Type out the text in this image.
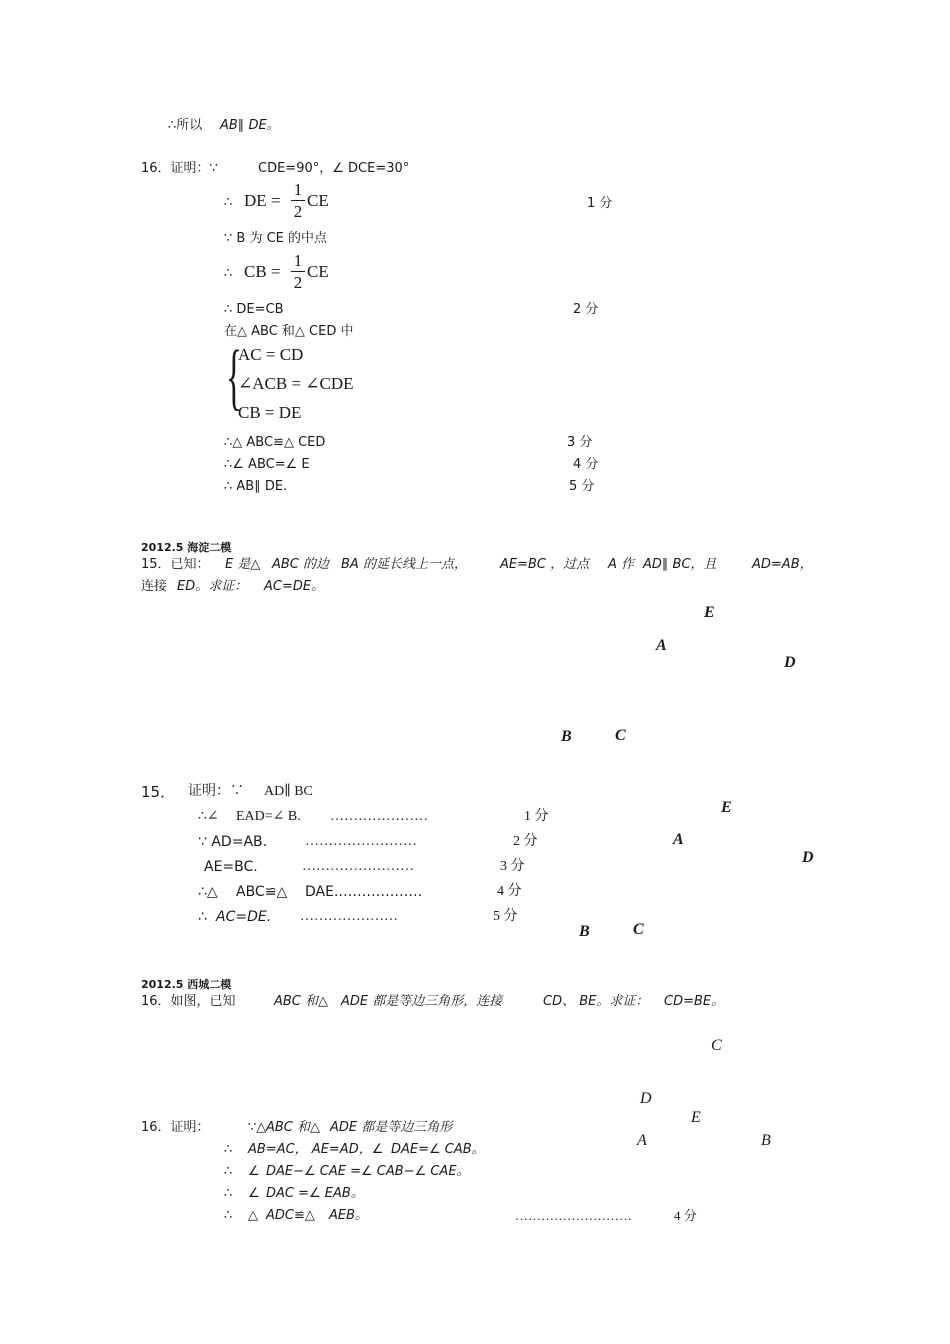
∴所以 AB∥ DE。
16．证明：∵	CDE=90°，∠ DCE=30°
∴ DE =
1
2
CE	1 分
∵ B 为 CE 的中点
∴ CB =
1
2
CE
∴ DE=CB	2 分
在△ ABC 和△ CED 中
{
AC = CD
∠ACB = ∠CDE
CB = DE
∴△ ABC≌△ CED	3 分
∴∠ ABC=∠ E	4 分
∴ AB∥ DE.	5 分
2012.5 海淀二模
15．已知： E 是△ ABC 的边 BA 的延长线上一点，	AE=BC ，过点 A 作 AD∥ BC，且	AD=AB，
连接 ED。求证： AC=DE。
E
A
D
B	C
15． 证明：∵ AD∥ BC
∴∠ EAD=∠ B. …………………	1 分
∵ AD=AB.	……………………	2 分
AE=BC.	……………………	3 分
∴△ ABC≌△ DAE.………………	4 分
∴ AC=DE. …………………	5 分
E
A
D
B	C
2012.5 西城二模
16．如图，已知	ABC 和△ ADE 都是等边三角形，连接	CD、 BE。求证： CD=BE。
C
D
E
A	B
16．证明：	∵△ ABC 和△ ADE 都是等边三角形
∴ AB=AC， AE=AD，∠ DAE=∠ CAB。
∴ ∠ DAE−∠ CAE =∠ CAB−∠ CAE。
∴ ∠ DAC =∠ EAB。
∴ △ ADC≌△ AEB。	………………………	4 分
